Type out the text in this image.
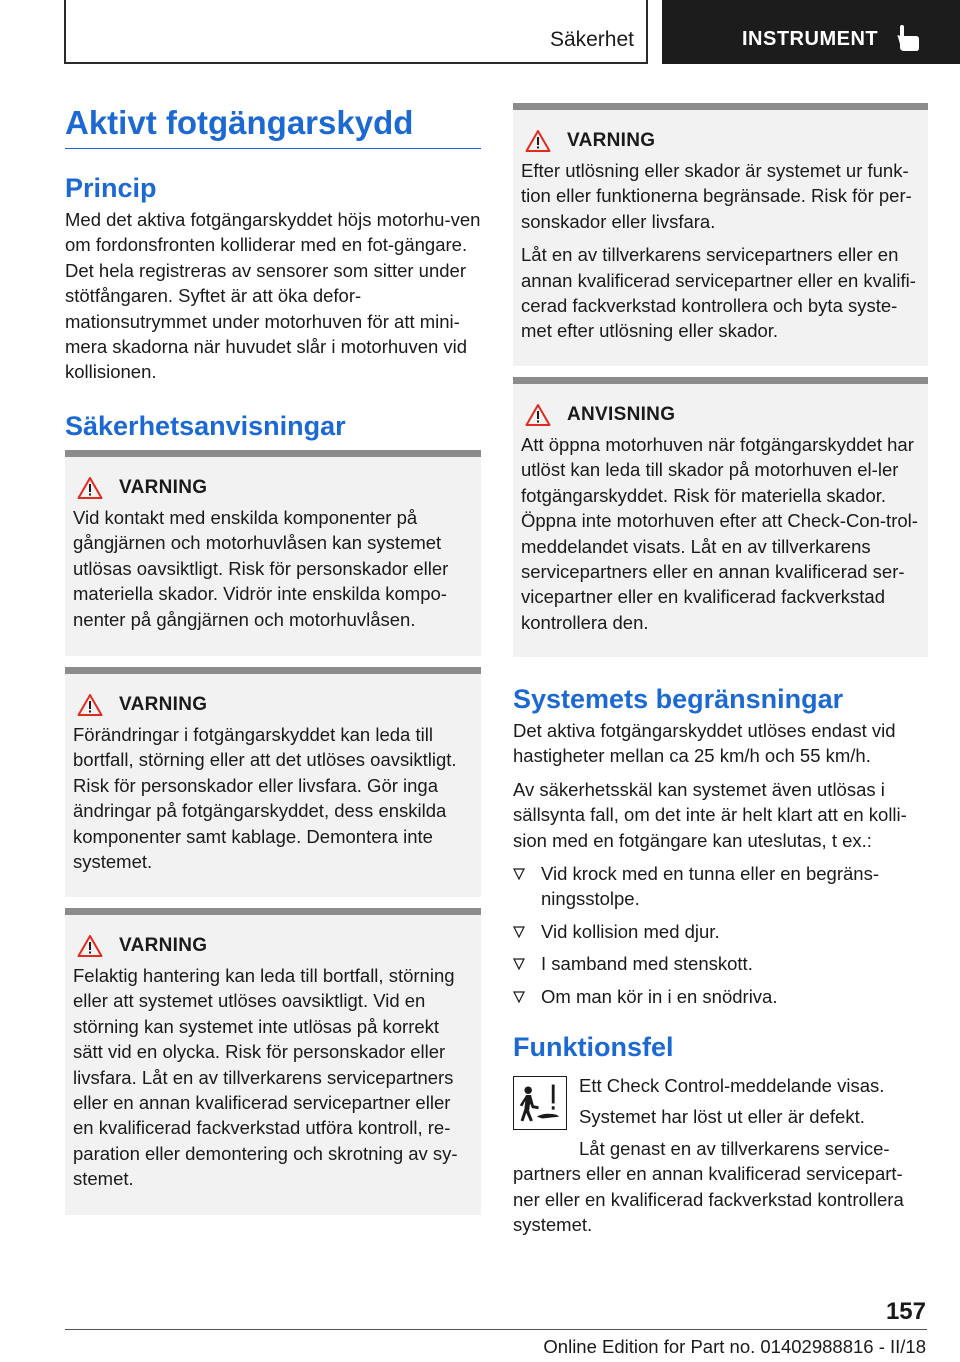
Säkerhet	INSTRUMENT
Aktivt fotgängarskydd
Princip

Med det aktiva fotgängarskyddet höjs motorhu-ven om fordonsfronten kolliderar med en fot-gängare. Det hela registreras av sensorer som sitter under stötfångaren. Syftet är att öka defor-mationsutrymmet under motorhuven för att mini-mera skadorna när huvudet slår i motorhuven vid kollisionen.

Säkerhetsanvisningar
VARNING

Vid kontakt med enskilda komponenter på gångjärnen och motorhuvlåsen kan systemet utlösas oavsiktligt. Risk för personskador eller materiella skador. Vidrör inte enskilda kompo-nenter på gångjärnen och motorhuvlåsen.

VARNING

Förändringar i fotgängarskyddet kan leda till bortfall, störning eller att det utlöses oavsiktligt. Risk för personskador eller livsfara. Gör inga ändringar på fotgängarskyddet, dess enskilda komponenter samt kablage. Demontera inte systemet.

VARNING

Felaktig hantering kan leda till bortfall, störning eller att systemet utlöses oavsiktligt. Vid en störning kan systemet inte utlösas på korrekt sätt vid en olycka. Risk för personskador eller livsfara. Låt en av tillverkarens servicepartners eller en annan kvalificerad servicepartner eller en kvalificerad fackverkstad utföra kontroll, re-paration eller demontering och skrotning av sy-stemet.

VARNING

Efter utlösning eller skador är systemet ur funk-tion eller funktionerna begränsade. Risk för per-sonskador eller livsfara.

Låt en av tillverkarens servicepartners eller en annan kvalificerad servicepartner eller en kvalifi-cerad fackverkstad kontrollera och byta syste-met efter utlösning eller skador.

ANVISNING

Att öppna motorhuven när fotgängarskyddet har utlöst kan leda till skador på motorhuven el-ler fotgängarskyddet. Risk för materiella skador. Öppna inte motorhuven efter att Check-Con-trol-meddelandet visats. Låt en av tillverkarens servicepartners eller en annan kvalificerad ser-vicepartner eller en kvalificerad fackverkstad kontrollera den.

Systemets begränsningar

Det aktiva fotgängarskyddet utlöses endast vid hastigheter mellan ca 25 km/h och 55 km/h.

Av säkerhetsskäl kan systemet även utlösas i sällsynta fall, om det inte är helt klart att en kolli-sion med en fotgängare kan uteslutas, t ex.:

Vid krock med en tunna eller en begräns-ningsstolpe.
Vid kollision med djur.
I samband med stenskott.
Om man kör in i en snödriva.
Funktionsfel

Ett Check Control-meddelande visas.

Systemet har löst ut eller är defekt.

Låt genast en av tillverkarens service-partners eller en annan kvalificerad servicepart-ner eller en kvalificerad fackverkstad kontrollera systemet.

157
Online Edition for Part no. 01402988816 - II/18
